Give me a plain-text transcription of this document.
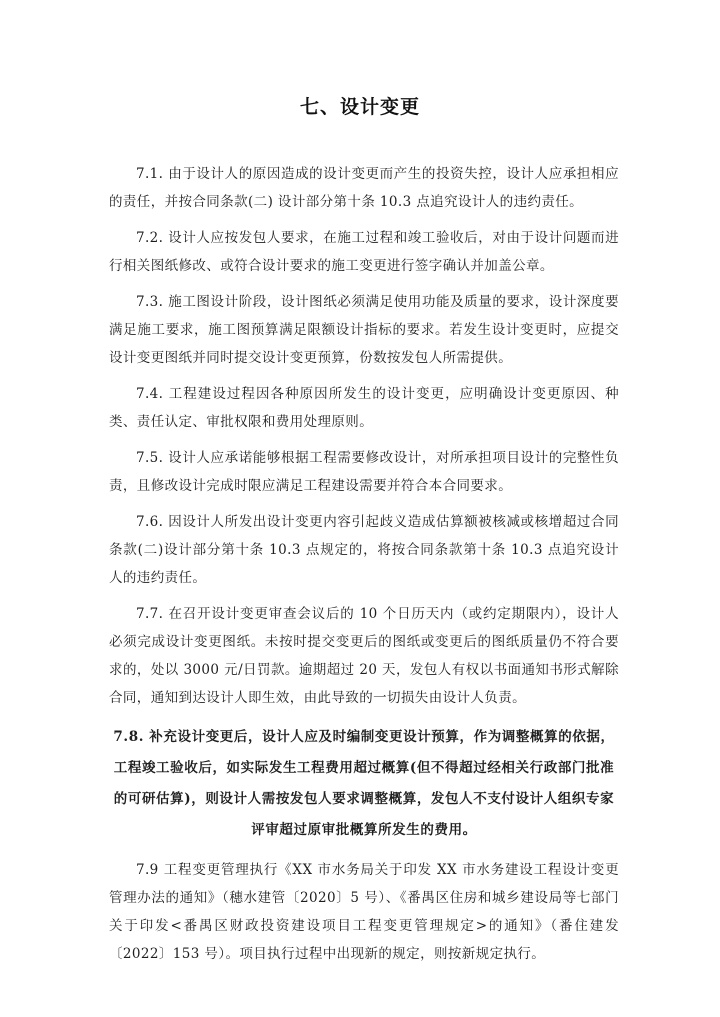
七、设计变更

7.1. 由于设计人的原因造成的设计变更而产生的投资失控，设计人应承担相应的责任，并按合同条款(二) 设计部分第十条 10.3 点追究设计人的违约责任。

7.2. 设计人应按发包人要求，在施工过程和竣工验收后，对由于设计问题而进行相关图纸修改、或符合设计要求的施工变更进行签字确认并加盖公章。

7.3. 施工图设计阶段，设计图纸必须满足使用功能及质量的要求，设计深度要满足施工要求，施工图预算满足限额设计指标的要求。若发生设计变更时，应提交设计变更图纸并同时提交设计变更预算，份数按发包人所需提供。

7.4. 工程建设过程因各种原因所发生的设计变更，应明确设计变更原因、种类、责任认定、审批权限和费用处理原则。

7.5. 设计人应承诺能够根据工程需要修改设计，对所承担项目设计的完整性负责，且修改设计完成时限应满足工程建设需要并符合本合同要求。

7.6. 因设计人所发出设计变更内容引起歧义造成估算额被核减或核增超过合同条款(二)设计部分第十条 10.3 点规定的，将按合同条款第十条 10.3 点追究设计人的违约责任。

7.7. 在召开设计变更审查会议后的 10 个日历天内（或约定期限内），设计人必须完成设计变更图纸。未按时提交变更后的图纸或变更后的图纸质量仍不符合要求的，处以 3000 元/日罚款。逾期超过 20 天，发包人有权以书面通知书形式解除合同，通知到达设计人即生效，由此导致的一切损失由设计人负责。

7.8. 补充设计变更后，设计人应及时编制变更设计预算，作为调整概算的依据，工程竣工验收后，如实际发生工程费用超过概算(但不得超过经相关行政部门批准的可研估算)，则设计人需按发包人要求调整概算，发包人不支付设计人组织专家评审超过原审批概算所发生的费用。

7.9 工程变更管理执行《XX 市水务局关于印发 XX 市水务建设工程设计变更管理办法的通知》（穗水建管〔2020〕5 号）、《番禺区住房和城乡建设局等七部门关于印发<番禺区财政投资建设项目工程变更管理规定>的通知》（番住建发〔2022〕153 号）。项目执行过程中出现新的规定，则按新规定执行。
